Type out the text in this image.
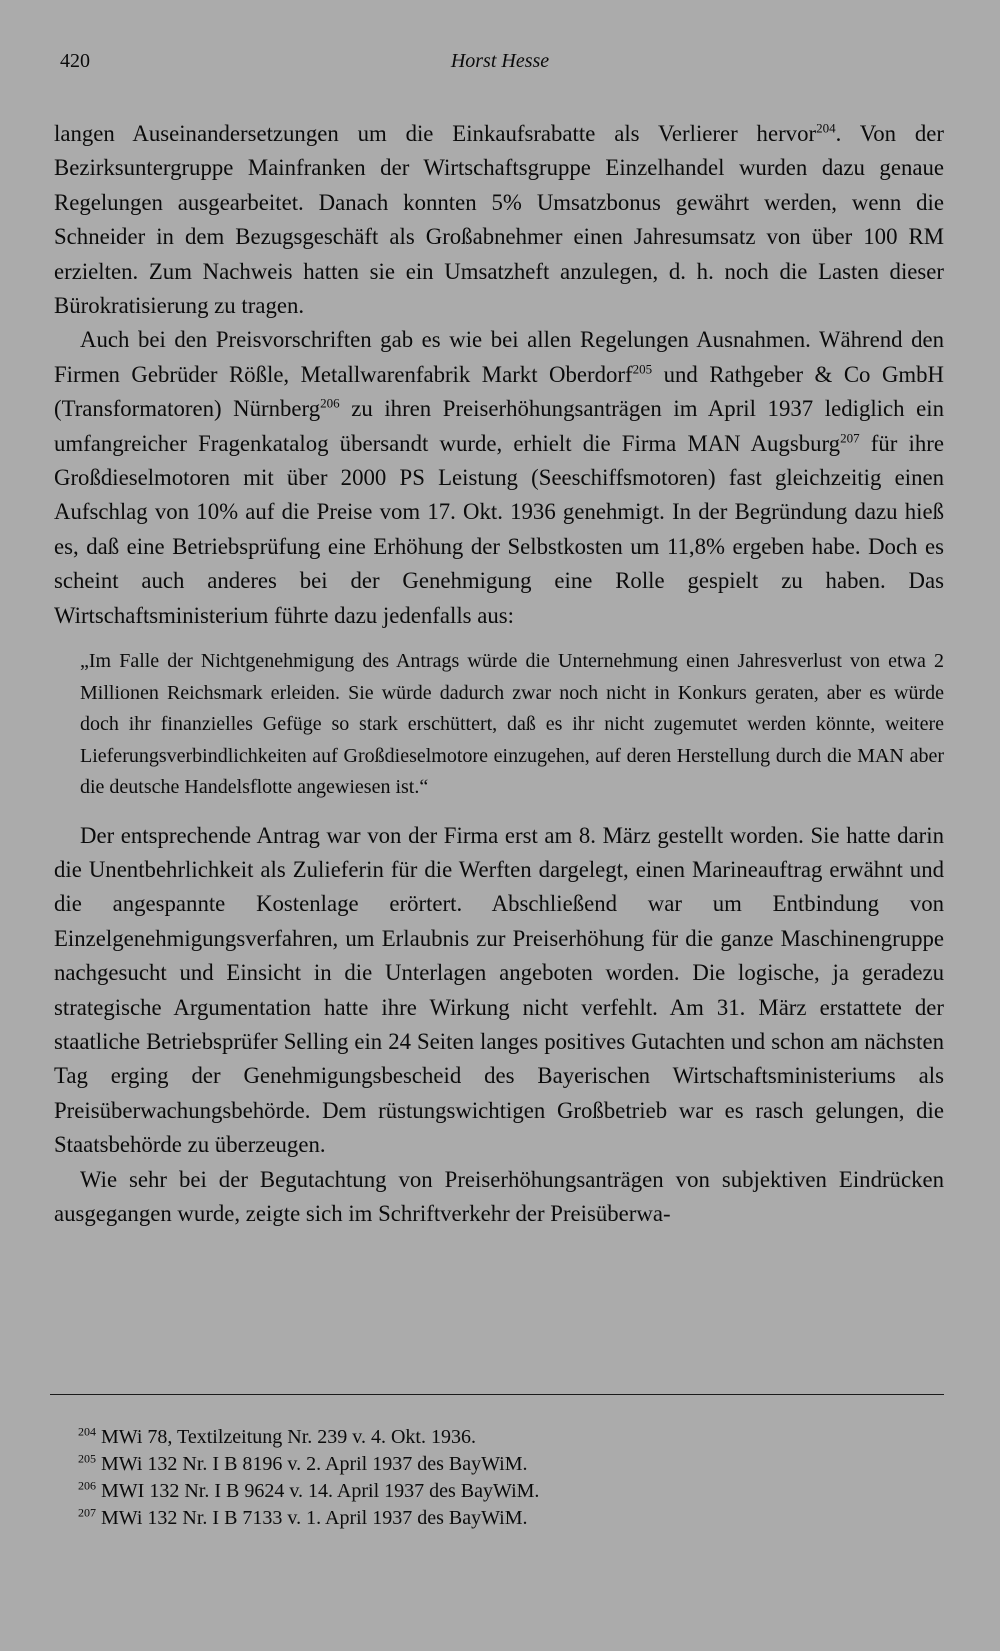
420	Horst Hesse

langen Auseinandersetzungen um die Einkaufsrabatte als Verlierer hervor$^{204}$. Von der Bezirksuntergruppe Mainfranken der Wirtschaftsgruppe Einzelhandel wurden dazu genaue Regelungen ausgearbeitet. Danach konnten 5% Umsatzbonus gewährt werden, wenn die Schneider in dem Bezugsgeschäft als Großabnehmer einen Jahresumsatz von über 100 RM erzielten. Zum Nachweis hatten sie ein Umsatzheft anzulegen, d. h. noch die Lasten dieser Bürokratisierung zu tragen.

Auch bei den Preisvorschriften gab es wie bei allen Regelungen Ausnahmen. Während den Firmen Gebrüder Rößle, Metallwarenfabrik Markt Oberdorf$^{205}$ und Rathgeber & Co GmbH (Transformatoren) Nürnberg$^{206}$ zu ihren Preiserhöhungsanträgen im April 1937 lediglich ein umfangreicher Fragenkatalog übersandt wurde, erhielt die Firma MAN Augsburg$^{207}$ für ihre Großdieselmotoren mit über 2000 PS Leistung (Seeschiffsmotoren) fast gleichzeitig einen Aufschlag von 10% auf die Preise vom 17. Okt. 1936 genehmigt. In der Begründung dazu hieß es, daß eine Betriebsprüfung eine Erhöhung der Selbstkosten um 11,8% ergeben habe. Doch es scheint auch anderes bei der Genehmigung eine Rolle gespielt zu haben. Das Wirtschaftsministerium führte dazu jedenfalls aus:

„Im Falle der Nichtgenehmigung des Antrags würde die Unternehmung einen Jahresverlust von etwa 2 Millionen Reichsmark erleiden. Sie würde dadurch zwar noch nicht in Konkurs geraten, aber es würde doch ihr finanzielles Gefüge so stark erschüttert, daß es ihr nicht zugemutet werden könnte, weitere Lieferungsverbindlichkeiten auf Großdieselmotore einzugehen, auf deren Herstellung durch die MAN aber die deutsche Handelsflotte angewiesen ist.“

Der entsprechende Antrag war von der Firma erst am 8. März gestellt worden. Sie hatte darin die Unentbehrlichkeit als Zulieferin für die Werften dargelegt, einen Marineauftrag erwähnt und die angespannte Kostenlage erörtert. Abschließend war um Entbindung von Einzelgenehmigungsverfahren, um Erlaubnis zur Preiserhöhung für die ganze Maschinengruppe nachgesucht und Einsicht in die Unterlagen angeboten worden. Die logische, ja geradezu strategische Argumentation hatte ihre Wirkung nicht verfehlt. Am 31. März erstattete der staatliche Betriebsprüfer Selling ein 24 Seiten langes positives Gutachten und schon am nächsten Tag erging der Genehmigungsbescheid des Bayerischen Wirtschaftsministeriums als Preisüberwachungsbehörde. Dem rüstungswichtigen Großbetrieb war es rasch gelungen, die Staatsbehörde zu überzeugen.

Wie sehr bei der Begutachtung von Preiserhöhungsanträgen von subjektiven Eindrücken ausgegangen wurde, zeigte sich im Schriftverkehr der Preisüberwa-

$^{204}$ MWi 78, Textilzeitung Nr. 239 v. 4. Okt. 1936.
$^{205}$ MWi 132 Nr. I B 8196 v. 2. April 1937 des BayWiM.
$^{206}$ MWI 132 Nr. I B 9624 v. 14. April 1937 des BayWiM.
$^{207}$ MWi 132 Nr. I B 7133 v. 1. April 1937 des BayWiM.
